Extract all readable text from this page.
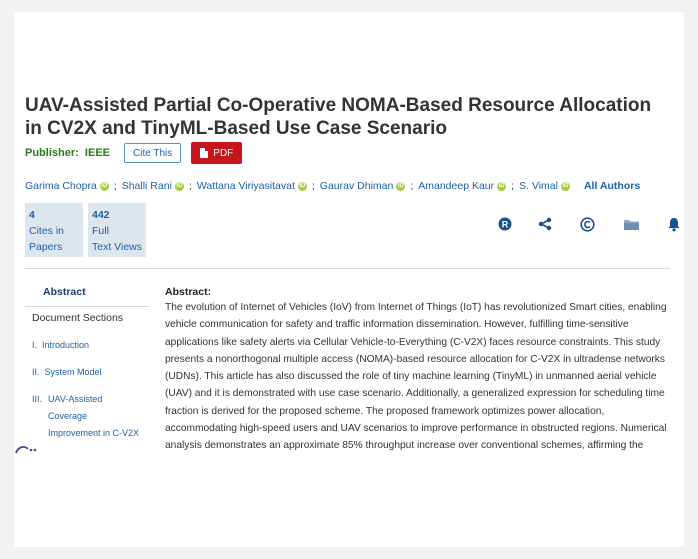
UAV-Assisted Partial Co-Operative NOMA-Based Resource Allocation in CV2X and TinyML-Based Use Case Scenario
Publisher: IEEE	Cite This	PDF
Garima Chopra iD ; Shalli Rani iD ; Wattana Viriyasitavat iD ; Gaurav Dhiman iD ; Amandeep Kaur iD ; S. Vimal iD All Authors
4
Cites in
Papers
442
Full
Text Views
R
Abstract
Document Sections
I. Introduction
II. System Model
III. UAV-Assisted
Coverage
Improvement in C-V2X
Abstract:

The evolution of Internet of Vehicles (IoV) from Internet of Things (IoT) has revolutionized Smart cities, enabling vehicle communication for safety and traffic information dissemination. However, fulfilling time-sensitive applications like safety alerts via Cellular Vehicle-to-Everything (C-V2X) faces resource constraints. This study presents a nonorthogonal multiple access (NOMA)-based resource allocation for C-V2X in ultradense networks (UDNs). This article has also discussed the role of tiny machine learning (TinyML) in unmanned aerial vehicle (UAV) and it is demonstrated with use case scenario. Additionally, a generalized expression for scheduling time fraction is derived for the proposed scheme. The proposed framework optimizes power allocation, accommodating high-speed users and UAV scenarios to improve performance in obstructed regions. Numerical analysis demonstrates an approximate 85% throughput increase over conventional schemes, affirming the
